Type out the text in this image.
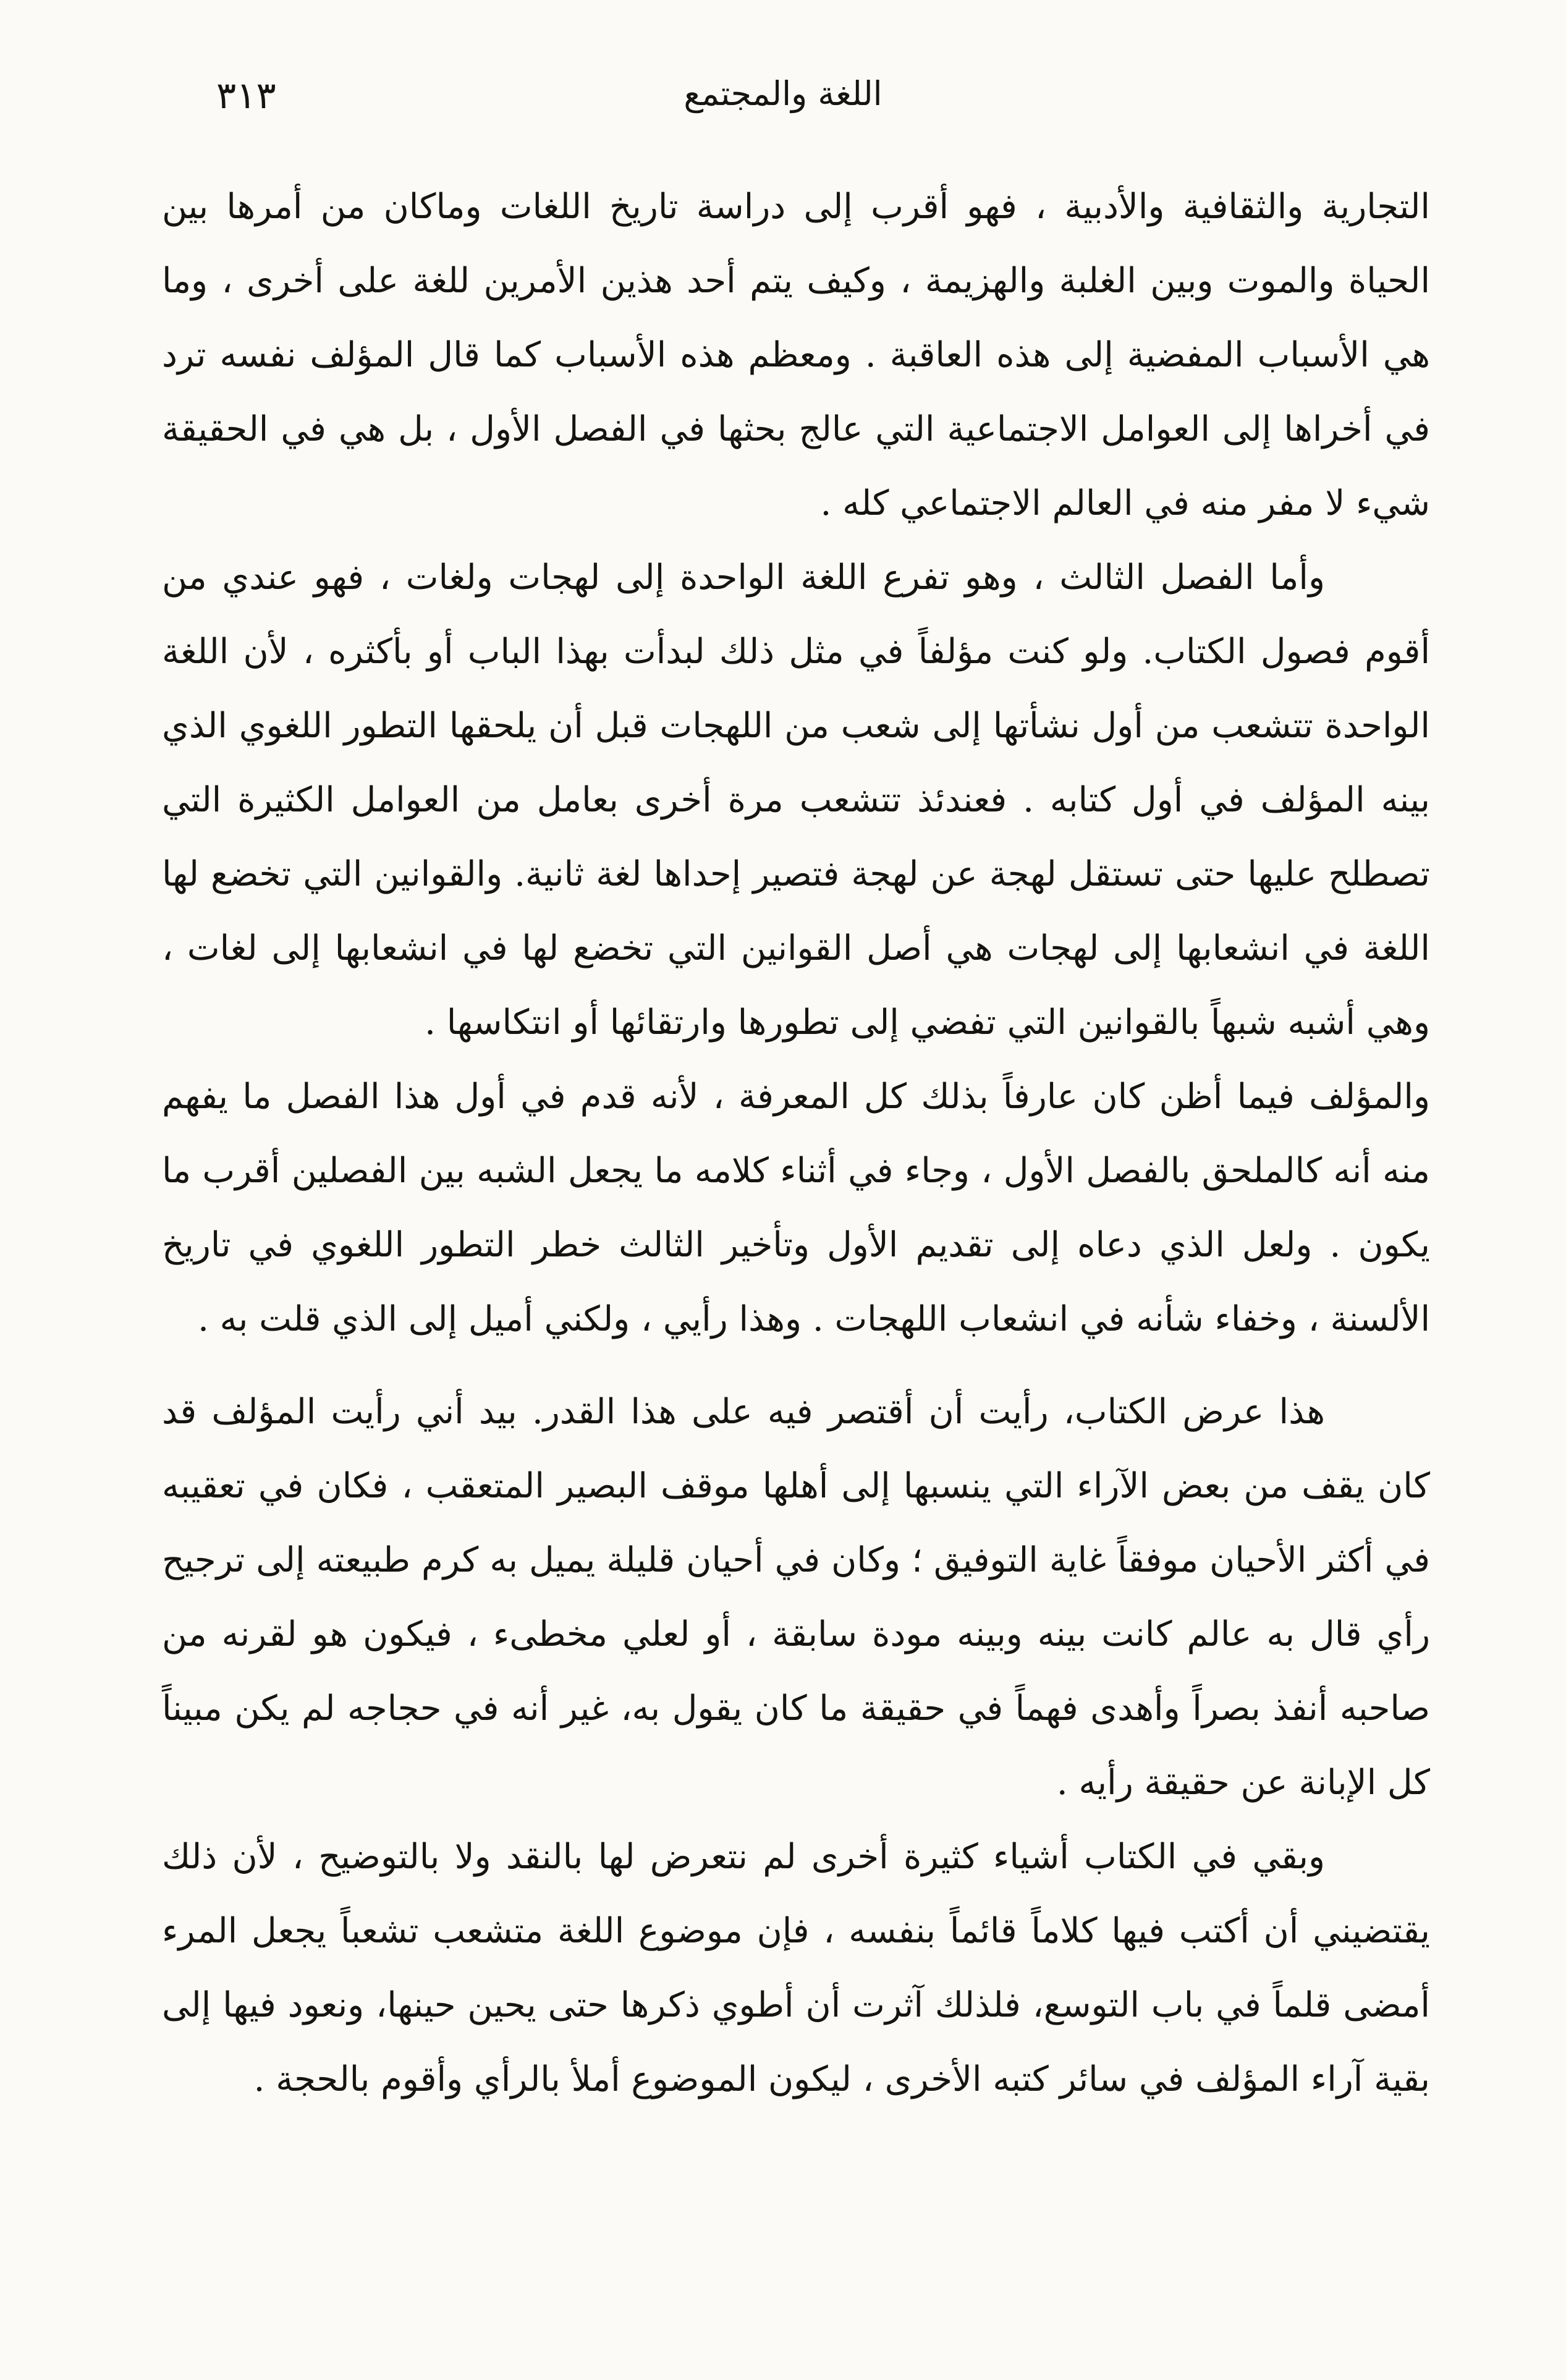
اللغة والمجتمع
٣١٣

التجارية والثقافية والأدبية ، فهو أقرب إلى دراسة تاريخ اللغات وماكان من أمرها بين الحياة والموت وبين الغلبة والهزيمة ، وكيف يتم أحد هذين الأمرين للغة على أخرى ، وما هي الأسباب المفضية إلى هذه العاقبة . ومعظم هذه الأسباب كما قال المؤلف نفسه ترد في أخراها إلى العوامل الاجتماعية التي عالج بحثها في الفصل الأول ، بل هي في الحقيقة شيء لا مفر منه في العالم الاجتماعي كله .

وأما الفصل الثالث ، وهو تفرع اللغة الواحدة إلى لهجات ولغات ، فهو عندي من أقوم فصول الكتاب. ولو كنت مؤلفاً في مثل ذلك لبدأت بهذا الباب أو بأكثره ، لأن اللغة الواحدة تتشعب من أول نشأتها إلى شعب من اللهجات قبل أن يلحقها التطور اللغوي الذي بينه المؤلف في أول كتابه . فعندئذ تتشعب مرة أخرى بعامل من العوامل الكثيرة التي تصطلح عليها حتى تستقل لهجة عن لهجة فتصير إحداها لغة ثانية. والقوانين التي تخضع لها اللغة في انشعابها إلى لهجات هي أصل القوانين التي تخضع لها في انشعابها إلى لغات ، وهي أشبه شبهاً بالقوانين التي تفضي إلى تطورها وارتقائها أو انتكاسها .

والمؤلف فيما أظن كان عارفاً بذلك كل المعرفة ، لأنه قدم في أول هذا الفصل ما يفهم منه أنه كالملحق بالفصل الأول ، وجاء في أثناء كلامه ما يجعل الشبه بين الفصلين أقرب ما يكون . ولعل الذي دعاه إلى تقديم الأول وتأخير الثالث خطر التطور اللغوي في تاريخ الألسنة ، وخفاء شأنه في انشعاب اللهجات . وهذا رأيي ، ولكني أميل إلى الذي قلت به .

هذا عرض الكتاب، رأيت أن أقتصر فيه على هذا القدر. بيد أني رأيت المؤلف قد كان يقف من بعض الآراء التي ينسبها إلى أهلها موقف البصير المتعقب ، فكان في تعقيبه في أكثر الأحيان موفقاً غاية التوفيق ؛ وكان في أحيان قليلة يميل به كرم طبيعته إلى ترجيح رأي قال به عالم كانت بينه وبينه مودة سابقة ، أو لعلي مخطىء ، فيكون هو لقرنه من صاحبه أنفذ بصراً وأهدى فهماً في حقيقة ما كان يقول به، غير أنه في حجاجه لم يكن مبيناً كل الإبانة عن حقيقة رأيه .

وبقي في الكتاب أشياء كثيرة أخرى لم نتعرض لها بالنقد ولا بالتوضيح ، لأن ذلك يقتضيني أن أكتب فيها كلاماً قائماً بنفسه ، فإن موضوع اللغة متشعب تشعباً يجعل المرء أمضى قلماً في باب التوسع، فلذلك آثرت أن أطوي ذكرها حتى يحين حينها، ونعود فيها إلى بقية آراء المؤلف في سائر كتبه الأخرى ، ليكون الموضوع أملأ بالرأي وأقوم بالحجة .
